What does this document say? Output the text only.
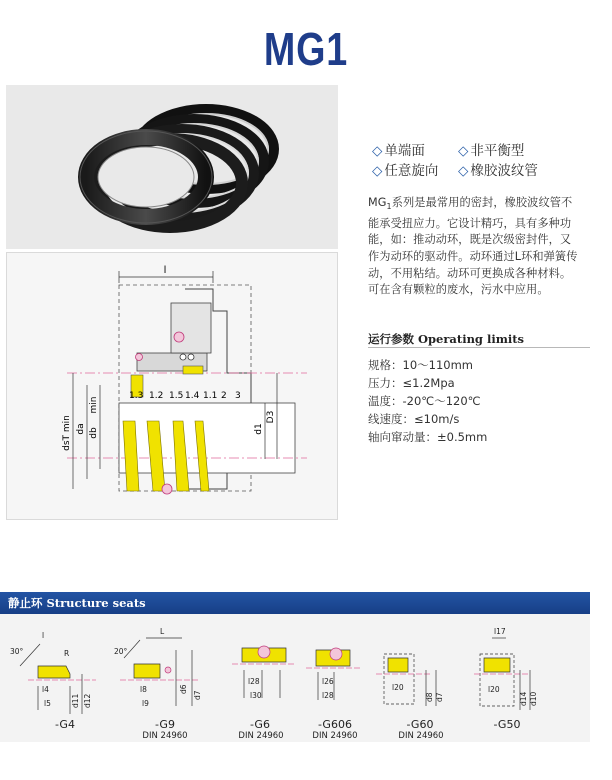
MG1
l
dsT min da db
min
d1
D3
1.3 1.2 1.5 1.4 1.1 2 3
◇ 单端面 ◇ 非平衡型
◇ 任意旋向 ◇ 橡胶波纹管
$MG_1$系列是最常用的密封，橡胶波纹管不能承受扭应力。它设计精巧，具有多种功能，如：推动动环，既是次级密封件，又作为动环的驱动件。动环通过L环和弹簧传动，不用粘结。动环可更换成各种材料。可在含有颗粒的废水，污水中应用。
运行参数 Operating limits
规格：10～110mm
压力：≤1.2Mpa
温度：-20℃～120℃
线速度：≤10m/s
轴向窜动量：±0.5mm
静止环 Structure seats
30°
l
R
l4
l5	d11 d12
20°
L
l8
l9
d6
d7
l28
l30
l26
l28
l20
d8 d7
l17
l20
d14 d10
-G4	-G9
DIN 24960
-G6
DIN 24960
-G606
DIN 24960
-G60
DIN 24960
-G50
